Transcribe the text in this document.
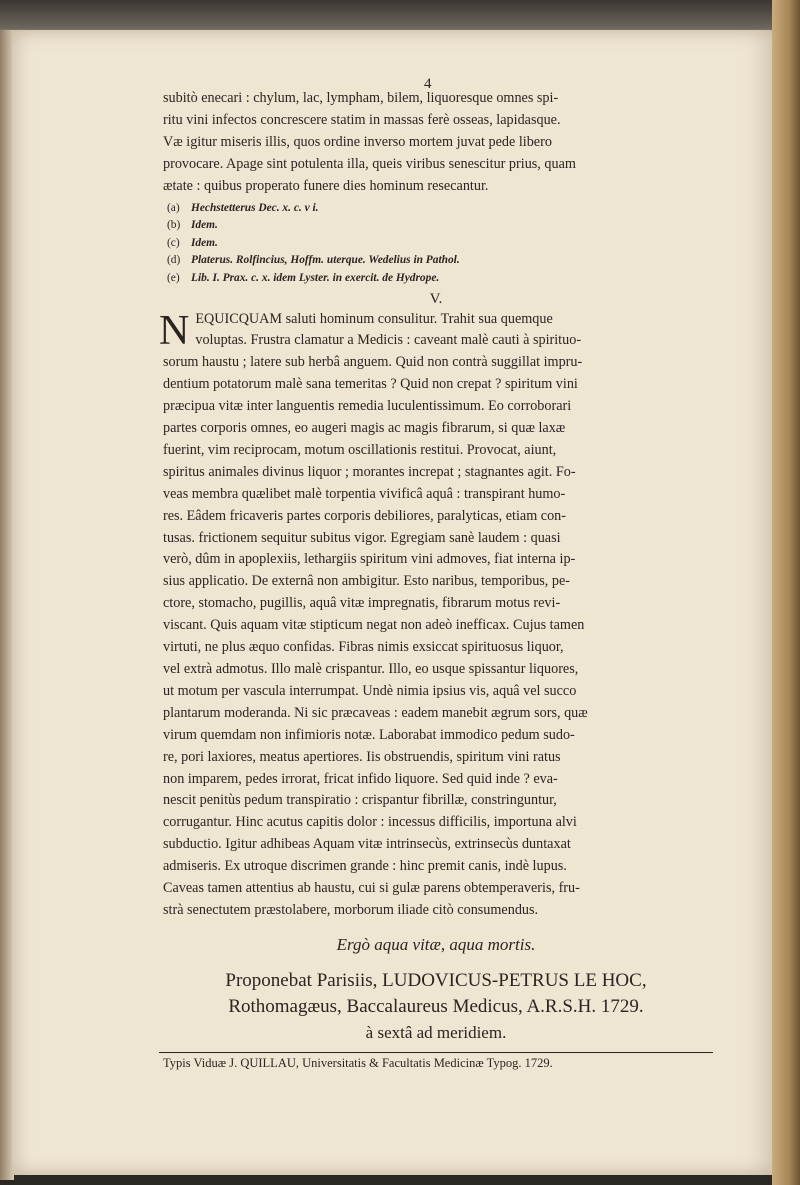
4
subitò enecari : chylum, lac, lympham, bilem, liquoresque omnes spi-
ritu vini infectos concrescere statim in massas ferè osseas, lapidasque.
Væ igitur miseris illis, quos ordine inverso mortem juvat pede libero
provocare. Apage sint potulenta illa, queis viribus senescitur prius, quam
ætate : quibus properato funere dies hominum resecantur.
(a) Hechstetterus Dec. x. c. v i.
(b) Idem.
(c) Idem.
(d) Platerus. Rolfincius, Hoffm. uterque. Wedelius in Pathol.
(e) Lib. I. Prax. c. x. idem Lyster. in exercit. de Hydrope.
V.
N EQUICQUAM saluti hominum consulitur. Trahit sua quemque
voluptas. Frustra clamatur a Medicis : caveant malè cauti à spirituo-
sorum haustu ; latere sub herbâ anguem. Quid non contrà suggillat impru-
dentium potatorum malè sana temeritas ? Quid non crepat ? spiritum vini
præcipua vitæ inter languentis remedia luculentissimum. Eo corroborari
partes corporis omnes, eo augeri magis ac magis fibrarum, si quæ laxæ
fuerint, vim reciprocam, motum oscillationis restitui. Provocat, aiunt,
spiritus animales divinus liquor ; morantes increpat ; stagnantes agit. Fo-
veas membra quælibet malè torpentia vivificâ aquâ : transpirant humo-
res. Eâdem fricaveris partes corporis debiliores, paralyticas, etiam con-
tusas. frictionem sequitur subitus vigor. Egregiam sanè laudem : quasi
verò, dûm in apoplexiis, lethargiis spiritum vini admoves, fiat interna ip-
sius applicatio. De externâ non ambigitur. Esto naribus, temporibus, pe-
ctore, stomacho, pugillis, aquâ vitæ impregnatis, fibrarum motus revi-
viscant. Quis aquam vitæ stipticum negat non adeò inefficax. Cujus tamen
virtuti, ne plus æquo confidas. Fibras nimis exsiccat spirituosus liquor,
vel extrà admotus. Illo malè crispantur. Illo, eo usque spissantur liquores,
ut motum per vascula interrumpat. Undè nimia ipsius vis, aquâ vel succo
plantarum moderanda. Ni sic præcaveas : eadem manebit ægrum sors, quæ
virum quemdam non infimioris notæ. Laborabat immodico pedum sudo-
re, pori laxiores, meatus apertiores. Iis obstruendis, spiritum vini ratus
non imparem, pedes irrorat, fricat infido liquore. Sed quid inde ? eva-
nescit penitùs pedum transpiratio : crispantur fibrillæ, constringuntur,
corrugantur. Hinc acutus capitis dolor : incessus difficilis, importuna alvi
subductio. Igitur adhibeas Aquam vitæ intrinsecùs, extrinsecùs duntaxat
admiseris. Ex utroque discrimen grande : hinc premit canis, indè lupus.
Caveas tamen attentius ab haustu, cui si gulæ parens obtemperaveris, fru-
strà senectutem præstolabere, morborum iliade citò consumendus.
Ergò aqua vitæ, aqua mortis.
Proponebat Parisiis, LUDOVICUS-PETRUS LE HOC,
Rothomagæus, Baccalaureus Medicus, A.R.S.H. 1729.
à sextâ ad meridiem.
Typis Viduæ J. QUILLAU, Universitatis & Facultatis Medicinæ Typog. 1729.
